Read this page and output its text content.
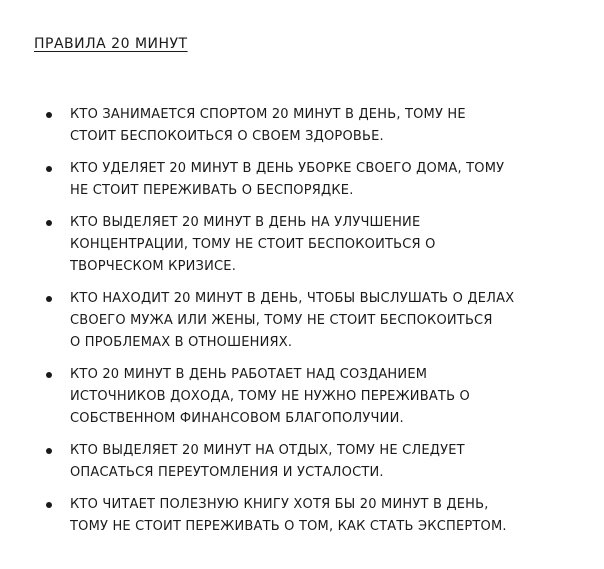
ПРАВИЛА 20 МИНУТ
КТО ЗАНИМАЕТСЯ СПОРТОМ 20 МИНУТ В ДЕНЬ, ТОМУ НЕ
СТОИТ БЕСПОКОИТЬСЯ О СВОЕМ ЗДОРОВЬЕ.
КТО УДЕЛЯЕТ 20 МИНУТ В ДЕНЬ УБОРКЕ СВОЕГО ДОМА, ТОМУ
НЕ СТОИТ ПЕРЕЖИВАТЬ О БЕСПОРЯДКЕ.
КТО ВЫДЕЛЯЕТ 20 МИНУТ В ДЕНЬ НА УЛУЧШЕНИЕ
КОНЦЕНТРАЦИИ, ТОМУ НЕ СТОИТ БЕСПОКОИТЬСЯ О
ТВОРЧЕСКОМ КРИЗИСЕ.
КТО НАХОДИТ 20 МИНУТ В ДЕНЬ, ЧТОБЫ ВЫСЛУШАТЬ О ДЕЛАХ
СВОЕГО МУЖА ИЛИ ЖЕНЫ, ТОМУ НЕ СТОИТ БЕСПОКОИТЬСЯ
О ПРОБЛЕМАХ В ОТНОШЕНИЯХ.
КТО 20 МИНУТ В ДЕНЬ РАБОТАЕТ НАД СОЗДАНИЕМ
ИСТОЧНИКОВ ДОХОДА, ТОМУ НЕ НУЖНО ПЕРЕЖИВАТЬ О
СОБСТВЕННОМ ФИНАНСОВОМ БЛАГОПОЛУЧИИ.
КТО ВЫДЕЛЯЕТ 20 МИНУТ НА ОТДЫХ, ТОМУ НЕ СЛЕДУЕТ
ОПАСАТЬСЯ ПЕРЕУТОМЛЕНИЯ И УСТАЛОСТИ.
КТО ЧИТАЕТ ПОЛЕЗНУЮ КНИГУ ХОТЯ БЫ 20 МИНУТ В ДЕНЬ,
ТОМУ НЕ СТОИТ ПЕРЕЖИВАТЬ О ТОМ, КАК СТАТЬ ЭКСПЕРТОМ.
